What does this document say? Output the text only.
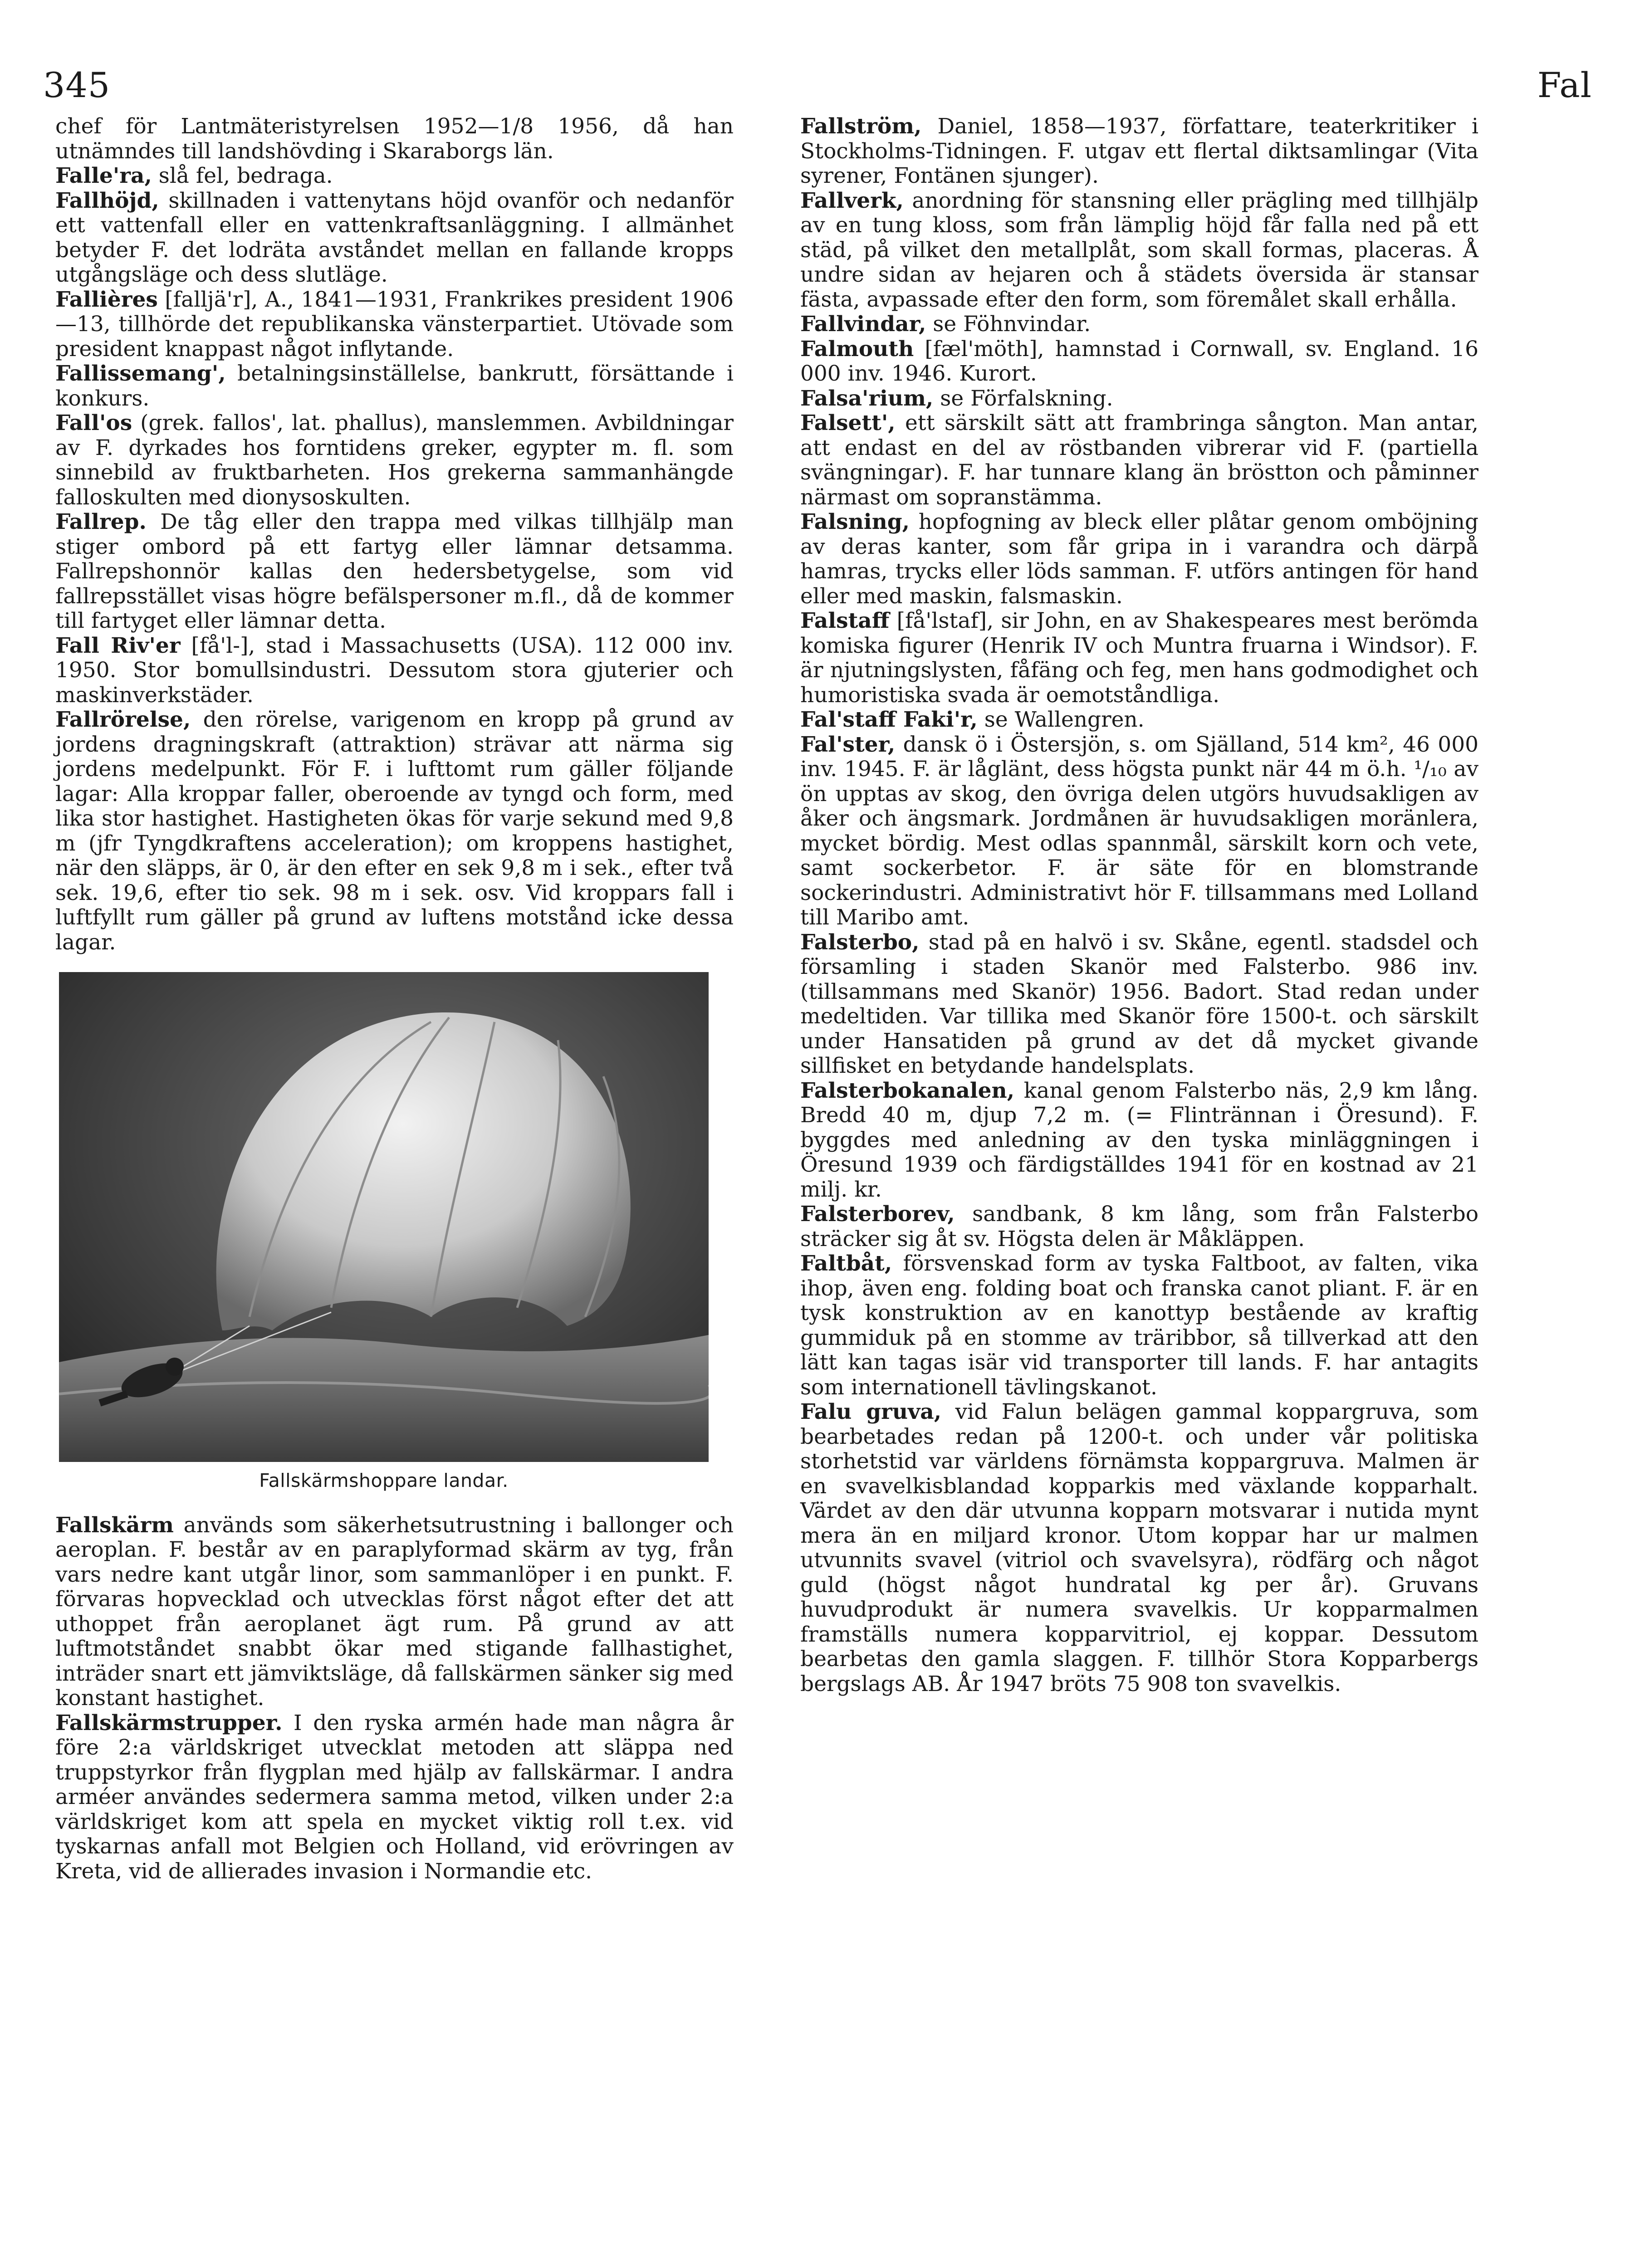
345	Fal

chef för Lantmäteristyrelsen 1952—1/8 1956, då han utnämndes till landshövding i Skaraborgs län.

Falle'ra, slå fel, bedraga.

Fallhöjd, skillnaden i vattenytans höjd ovanför och nedanför ett vattenfall eller en vattenkraftsanläggning. I allmänhet betyder F. det lodräta avståndet mellan en fallande kropps utgångsläge och dess slutläge.

Fallières [falljä'r], A., 1841—1931, Frankrikes president 1906—13, tillhörde det republikanska vänsterpartiet. Utövade som president knappast något inflytande.

Fallissemang', betalningsinställelse, bankrutt, försättande i konkurs.

Fall'os (grek. fallos', lat. phallus), manslemmen. Avbildningar av F. dyrkades hos forntidens greker, egypter m. fl. som sinnebild av fruktbarheten. Hos grekerna sammanhängde falloskulten med dionysoskulten.

Fallrep. De tåg eller den trappa med vilkas tillhjälp man stiger ombord på ett fartyg eller lämnar detsamma. Fallrepshonnör kallas den hedersbetygelse, som vid fallrepsstället visas högre befälspersoner m.fl., då de kommer till fartyget eller lämnar detta.

Fall Riv'er [få'l-], stad i Massachusetts (USA). 112 000 inv. 1950. Stor bomullsindustri. Dessutom stora gjuterier och maskinverkstäder.

Fallrörelse, den rörelse, varigenom en kropp på grund av jordens dragningskraft (attraktion) strävar att närma sig jordens medelpunkt. För F. i lufttomt rum gäller följande lagar: Alla kroppar faller, oberoende av tyngd och form, med lika stor hastighet. Hastigheten ökas för varje sekund med 9,8 m (jfr Tyngdkraftens acceleration); om kroppens hastighet, när den släpps, är 0, är den efter en sek 9,8 m i sek., efter två sek. 19,6, efter tio sek. 98 m i sek. osv. Vid kroppars fall i luftfyllt rum gäller på grund av luftens motstånd icke dessa lagar.

Fallskärmshoppare landar.

Fallskärm används som säkerhetsutrustning i ballonger och aeroplan. F. består av en paraplyformad skärm av tyg, från vars nedre kant utgår linor, som sammanlöper i en punkt. F. förvaras hopvecklad och utvecklas först något efter det att uthoppet från aeroplanet ägt rum. På grund av att luftmotståndet snabbt ökar med stigande fallhastighet, inträder snart ett jämviktsläge, då fallskärmen sänker sig med konstant hastighet.

Fallskärmstrupper. I den ryska armén hade man några år före 2:a världskriget utvecklat metoden att släppa ned truppstyrkor från flygplan med hjälp av fallskärmar. I andra arméer användes sedermera samma metod, vilken under 2:a världskriget kom att spela en mycket viktig roll t.ex. vid tyskarnas anfall mot Belgien och Holland, vid erövringen av Kreta, vid de allierades invasion i Normandie etc.

Fallström, Daniel, 1858—1937, författare, teaterkritiker i Stockholms-Tidningen. F. utgav ett flertal diktsamlingar (Vita syrener, Fontänen sjunger).

Fallverk, anordning för stansning eller prägling med tillhjälp av en tung kloss, som från lämplig höjd får falla ned på ett städ, på vilket den metallplåt, som skall formas, placeras. Å undre sidan av hejaren och å städets översida är stansar fästa, avpassade efter den form, som föremålet skall erhålla.

Fallvindar, se Föhnvindar.

Falmouth [fæl'möth], hamnstad i Cornwall, sv. England. 16 000 inv. 1946. Kurort.

Falsa'rium, se Förfalskning.

Falsett', ett särskilt sätt att frambringa sångton. Man antar, att endast en del av röstbanden vibrerar vid F. (partiella svängningar). F. har tunnare klang än bröstton och påminner närmast om sopranstämma.

Falsning, hopfogning av bleck eller plåtar genom omböjning av deras kanter, som får gripa in i varandra och därpå hamras, trycks eller löds samman. F. utförs antingen för hand eller med maskin, falsmaskin.

Falstaff [få'lstaf], sir John, en av Shakespeares mest berömda komiska figurer (Henrik IV och Muntra fruarna i Windsor). F. är njutningslysten, fåfäng och feg, men hans godmodighet och humoristiska svada är oemotståndliga.

Fal'staff Faki'r, se Wallengren.

Fal'ster, dansk ö i Östersjön, s. om Själland, 514 km², 46 000 inv. 1945. F. är låglänt, dess högsta punkt när 44 m ö.h. ¹/₁₀ av ön upptas av skog, den övriga delen utgörs huvudsakligen av åker och ängsmark. Jordmånen är huvudsakligen moränlera, mycket bördig. Mest odlas spannmål, särskilt korn och vete, samt sockerbetor. F. är säte för en blomstrande sockerindustri. Administrativt hör F. tillsammans med Lolland till Maribo amt.

Falsterbo, stad på en halvö i sv. Skåne, egentl. stadsdel och församling i staden Skanör med Falsterbo. 986 inv. (tillsammans med Skanör) 1956. Badort. Stad redan under medeltiden. Var tillika med Skanör före 1500-t. och särskilt under Hansatiden på grund av det då mycket givande sillfisket en betydande handelsplats.

Falsterbokanalen, kanal genom Falsterbo näs, 2,9 km lång. Bredd 40 m, djup 7,2 m. (= Flintrännan i Öresund). F. byggdes med anledning av den tyska minläggningen i Öresund 1939 och färdigställdes 1941 för en kostnad av 21 milj. kr.

Falsterborev, sandbank, 8 km lång, som från Falsterbo sträcker sig åt sv. Högsta delen är Måkläppen.

Faltbåt, försvenskad form av tyska Faltboot, av falten, vika ihop, även eng. folding boat och franska canot pliant. F. är en tysk konstruktion av en kanottyp bestående av kraftig gummiduk på en stomme av träribbor, så tillverkad att den lätt kan tagas isär vid transporter till lands. F. har antagits som internationell tävlingskanot.

Falu gruva, vid Falun belägen gammal koppargruva, som bearbetades redan på 1200-t. och under vår politiska storhetstid var världens förnämsta koppargruva. Malmen är en svavelkisblandad kopparkis med växlande kopparhalt. Värdet av den där utvunna kopparn motsvarar i nutida mynt mera än en miljard kronor. Utom koppar har ur malmen utvunnits svavel (vitriol och svavelsyra), rödfärg och något guld (högst något hundratal kg per år). Gruvans huvudprodukt är numera svavelkis. Ur kopparmalmen framställs numera kopparvitriol, ej koppar. Dessutom bearbetas den gamla slaggen. F. tillhör Stora Kopparbergs bergslags AB. År 1947 bröts 75 908 ton svavelkis.
